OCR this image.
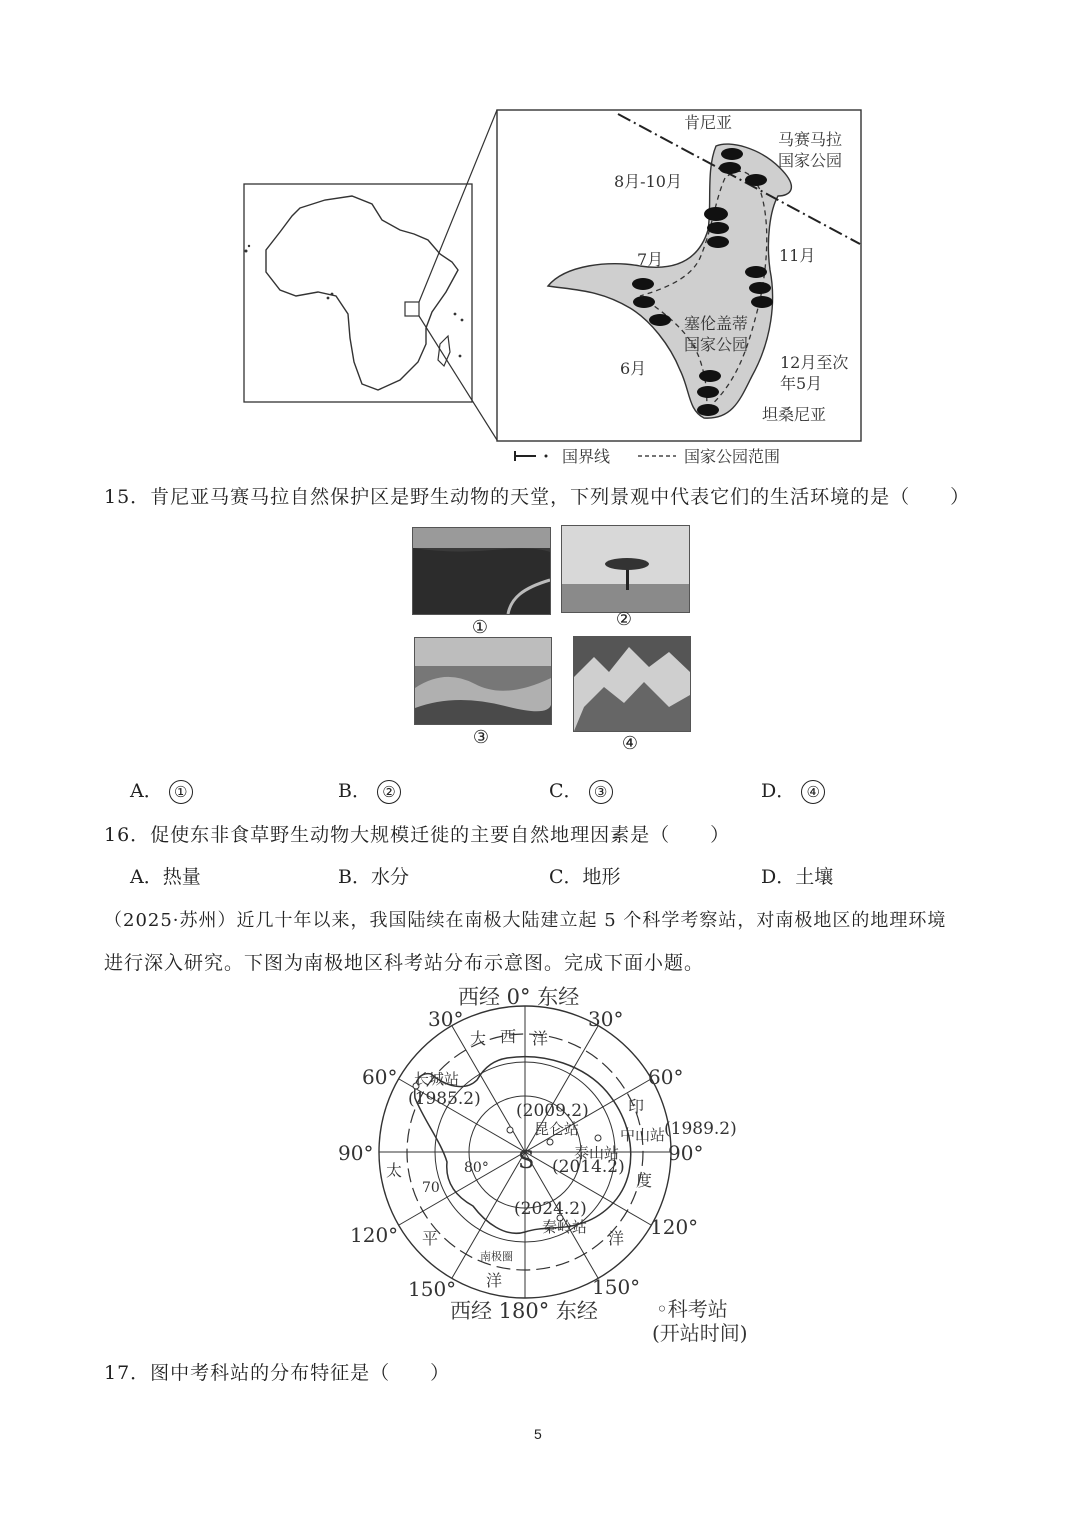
肯尼亚
马赛马拉
国家公园
8月-10月
11月
7月
塞伦盖蒂
国家公园
6月	12月至次
年5月
坦桑尼亚
国界线	国家公园范围
15．肯尼亚马赛马拉自然保护区是野生动物的天堂，下列景观中代表它们的生活环境的是（　　）
①	②
③	④
A． ①	B． ②	C． ③	D． ④
16．促使东非食草野生动物大规模迁徙的主要自然地理因素是（　　）
A．热量	B．水分	C．地形	D．土壤
（2025·苏州）近几十年以来，我国陆续在南极大陆建立起 5 个科学考察站，对南极地区的地理环境
进行深入研究。下图为南极地区科考站分布示意图。完成下面小题。
西经 0° 东经
西经 180° 东经
30°	30°
60°	60°
90°	90°
120°	120°
150°	150°
大 西 洋
印
度
洋
太
平
洋
S
80°
70
南极圈
长城站
(1985.2)
(2009.2)
昆仑站	中山站
(1989.2)
泰山站
(2014.2)
(2024.2)
秦岭站
◦科考站
(开站时间)
17．图中考科站的分布特征是（　　）
5
